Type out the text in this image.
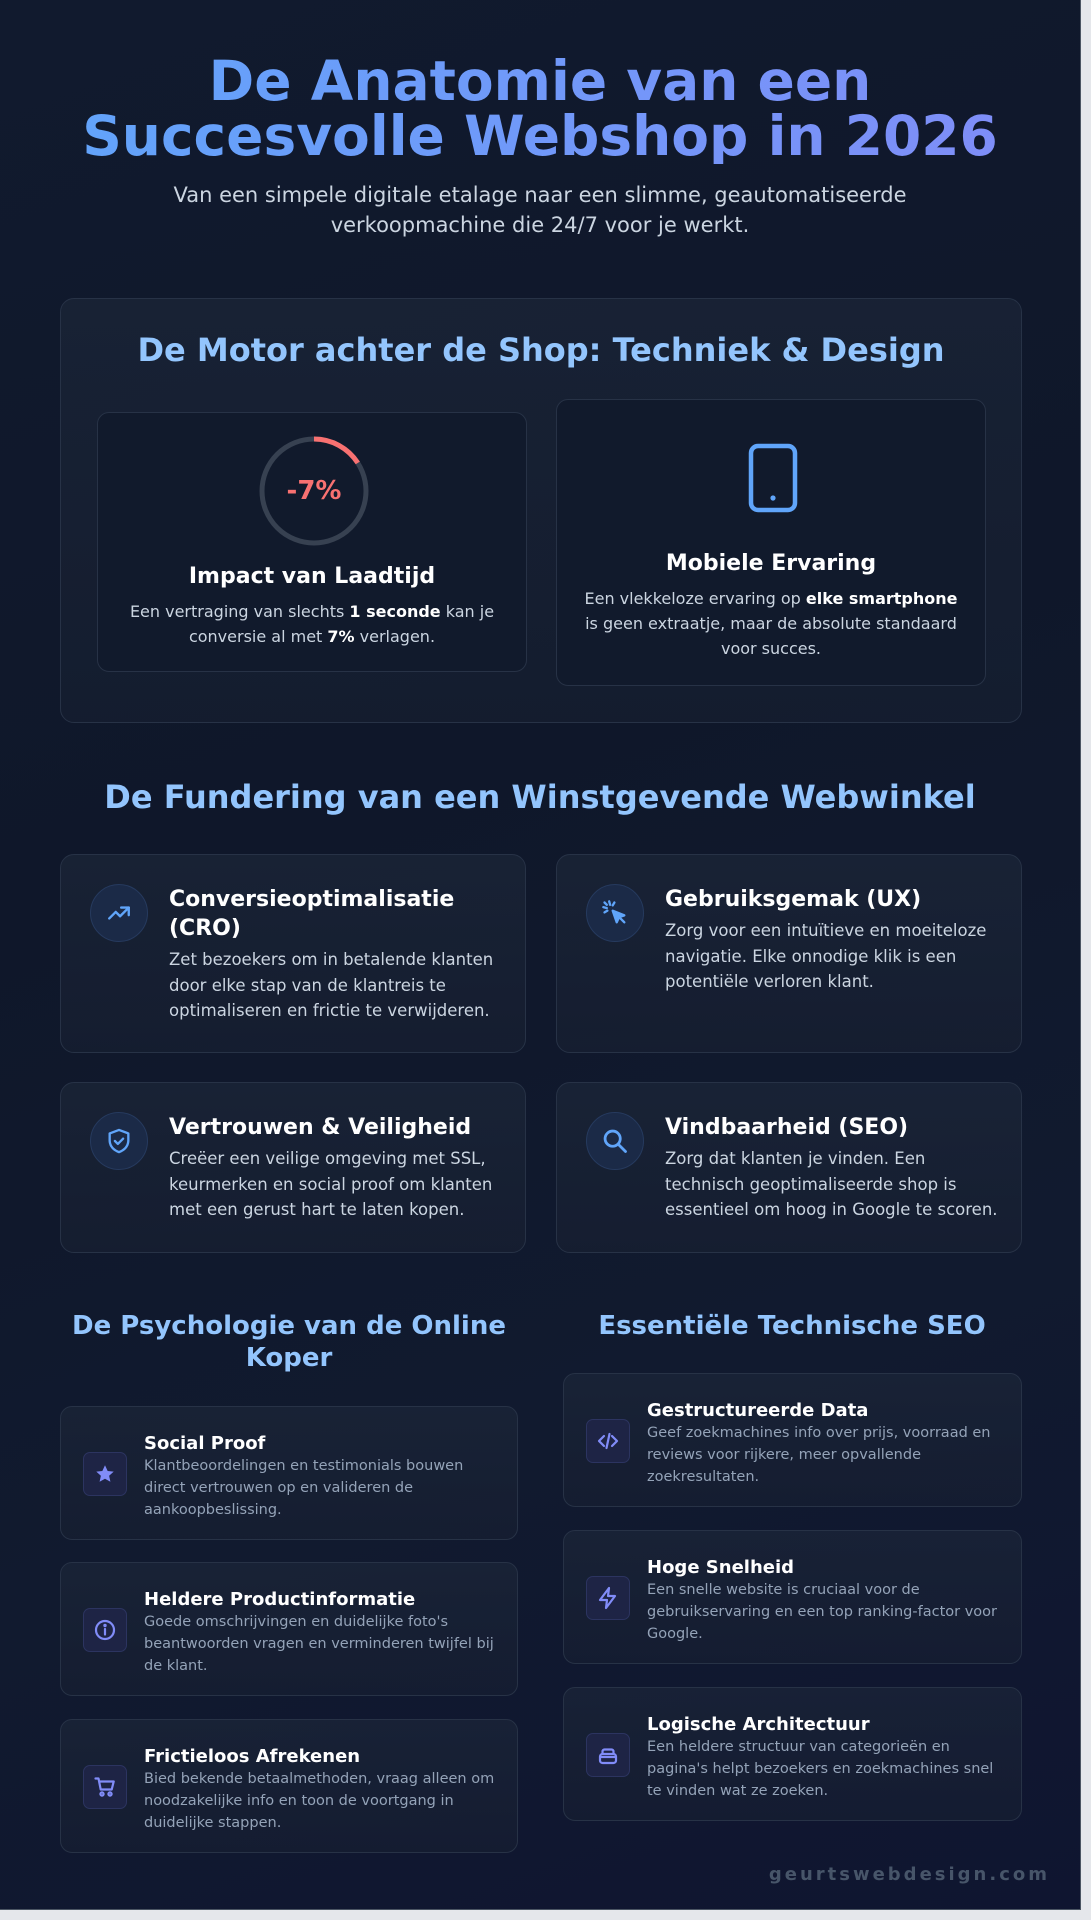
De Anatomie van een
Succesvolle Webshop in 2026
Van een simpele digitale etalage naar een slimme, geautomatiseerde verkoopmachine die 24/7 voor je werkt.
De Motor achter de Shop: Techniek & Design
-7%
Impact van Laadtijd
Een vertraging van slechts 1 seconde kan je conversie al met 7% verlagen.
Mobiele Ervaring
Een vlekkeloze ervaring op elke smartphone is geen extraatje, maar de absolute standaard voor succes.
De Fundering van een Winstgevende Webwinkel
Conversieoptimalisatie (CRO)
Zet bezoekers om in betalende klanten door elke stap van de klantreis te optimaliseren en frictie te verwijderen.
Gebruiksgemak (UX)
Zorg voor een intuïtieve en moeiteloze navigatie. Elke onnodige klik is een potentiële verloren klant.
Vertrouwen & Veiligheid
Creëer een veilige omgeving met SSL, keurmerken en social proof om klanten met een gerust hart te laten kopen.
Vindbaarheid (SEO)
Zorg dat klanten je vinden. Een technisch geoptimaliseerde shop is essentieel om hoog in Google te scoren.
De Psychologie van de Online Koper
Social Proof
Klantbeoordelingen en testimonials bouwen direct vertrouwen op en valideren de aankoopbeslissing.
Heldere Productinformatie
Goede omschrijvingen en duidelijke foto's beantwoorden vragen en verminderen twijfel bij de klant.
Frictieloos Afrekenen
Bied bekende betaalmethoden, vraag alleen om noodzakelijke info en toon de voortgang in duidelijke stappen.
Essentiële Technische SEO
Gestructureerde Data
Geef zoekmachines info over prijs, voorraad en reviews voor rijkere, meer opvallende zoekresultaten.
Hoge Snelheid
Een snelle website is cruciaal voor de gebruikservaring en een top ranking-factor voor Google.
Logische Architectuur
Een heldere structuur van categorieën en pagina's helpt bezoekers en zoekmachines snel te vinden wat ze zoeken.
geurtswebdesign.com
